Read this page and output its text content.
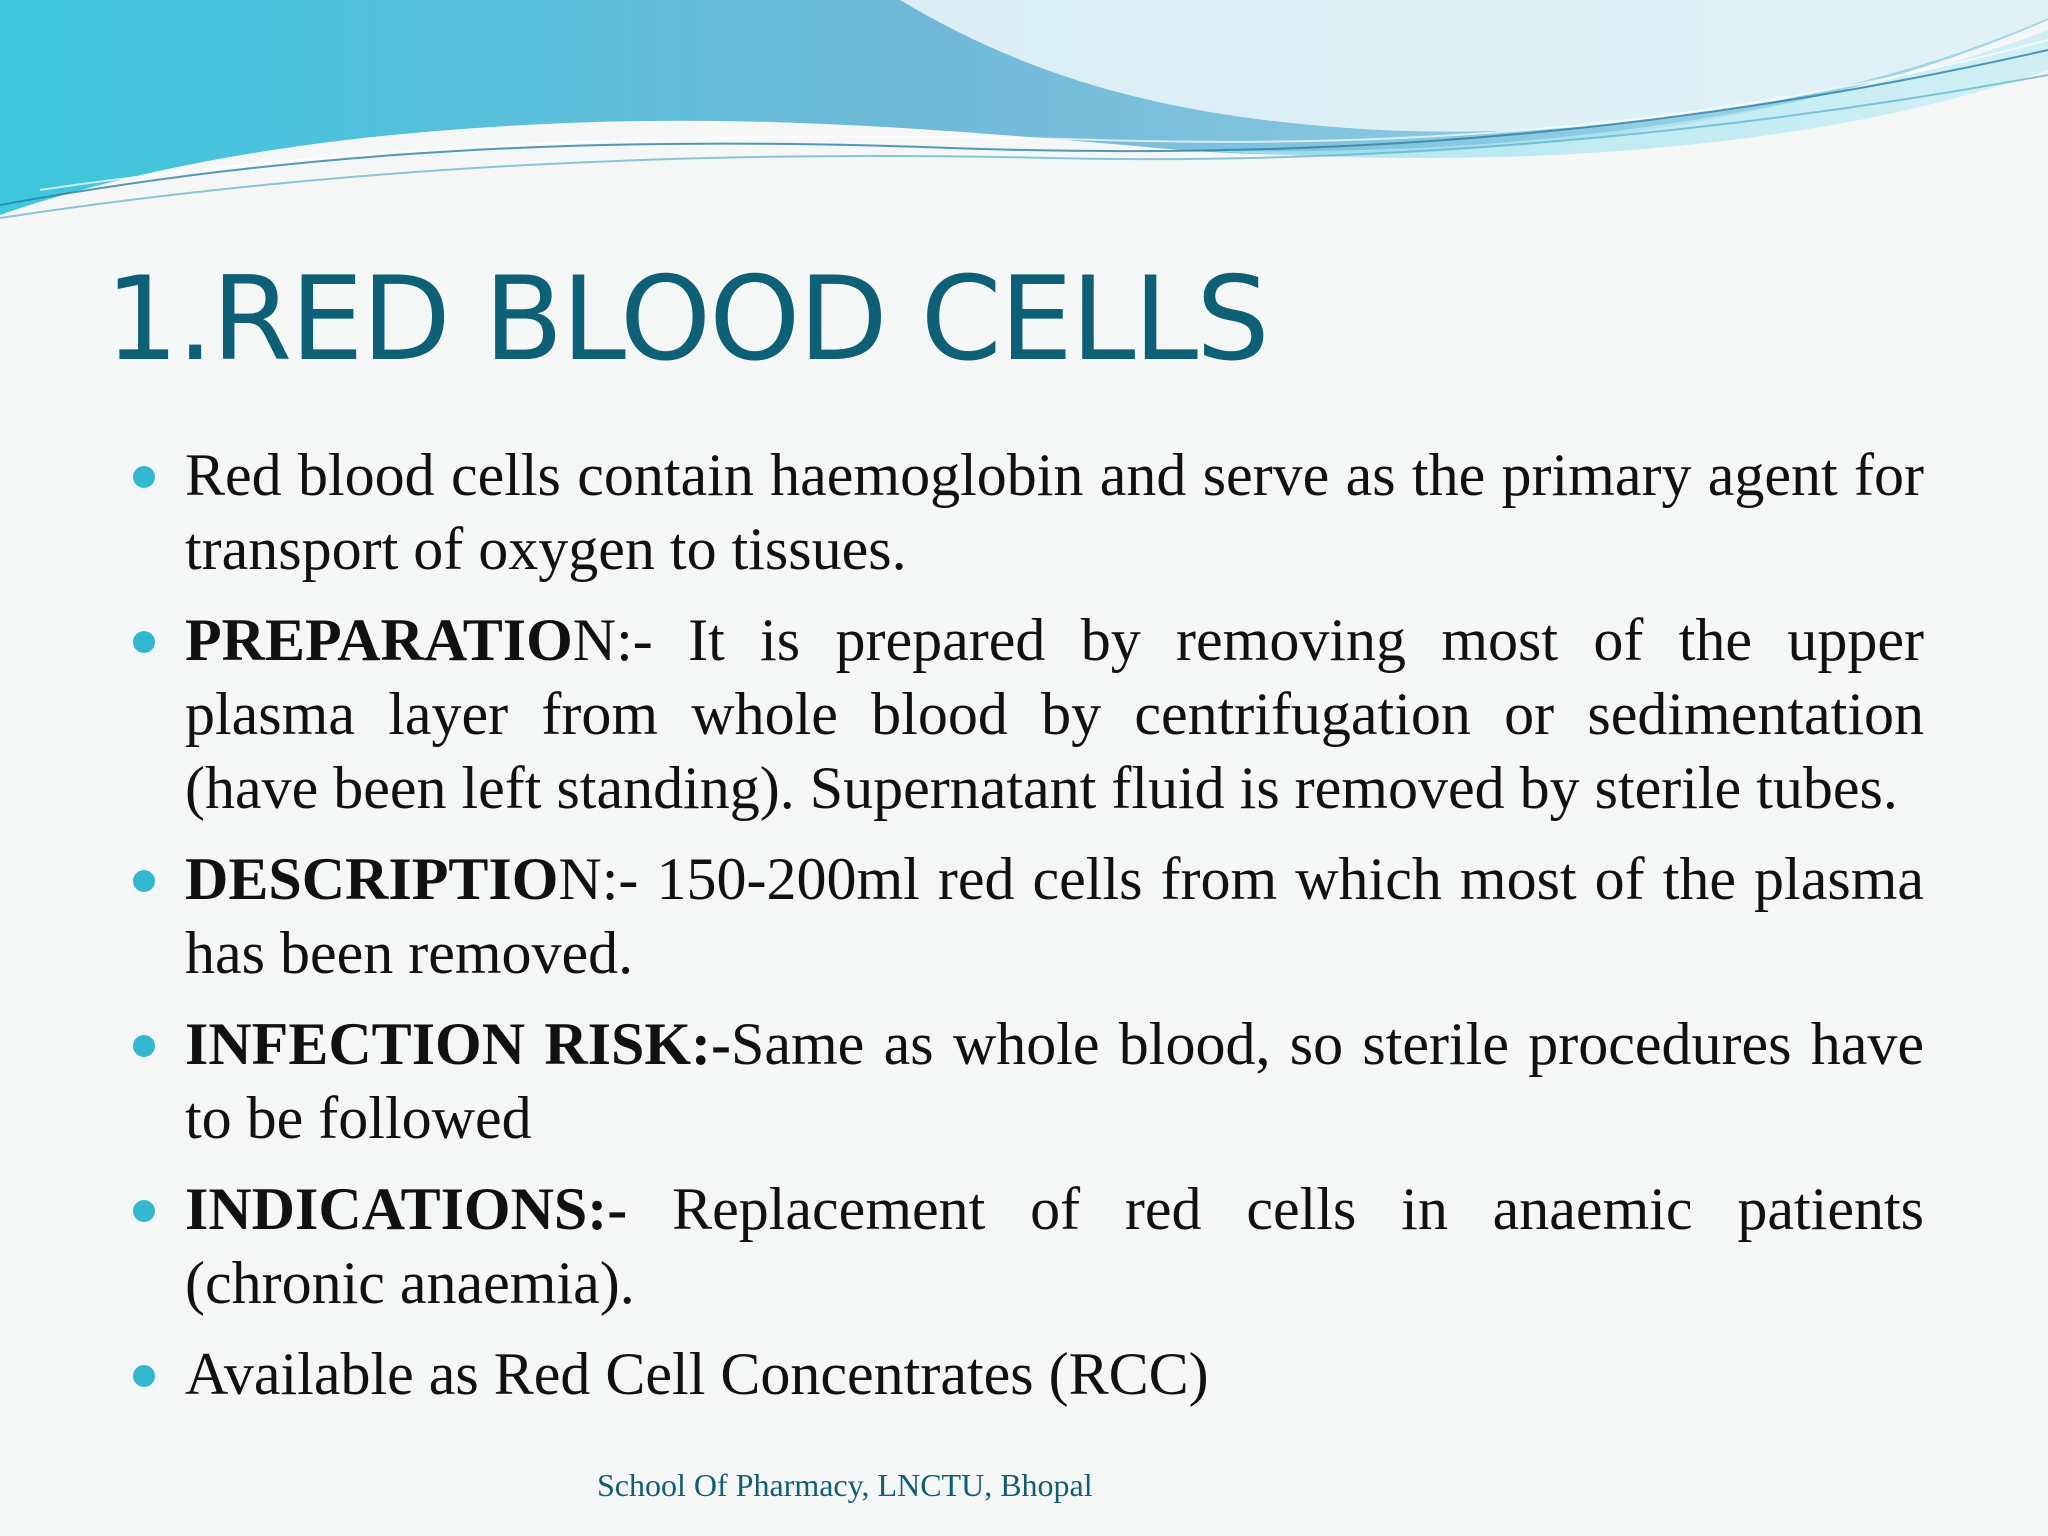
1.RED BLOOD CELLS
Red blood cells contain haemoglobin and serve as the primary agent for transport of oxygen to tissues.
PREPARATION:- It is prepared by removing most of the upper plasma layer from whole blood by centrifugation or sedimentation (have been left standing). Supernatant fluid is removed by sterile tubes.
DESCRIPTION:- 150-200ml red cells from which most of the plasma has been removed.
INFECTION RISK:-Same as whole blood, so sterile procedures have to be followed
INDICATIONS:- Replacement of red cells in anaemic patients (chronic anaemia).
Available as Red Cell Concentrates (RCC)
School Of Pharmacy, LNCTU, Bhopal
